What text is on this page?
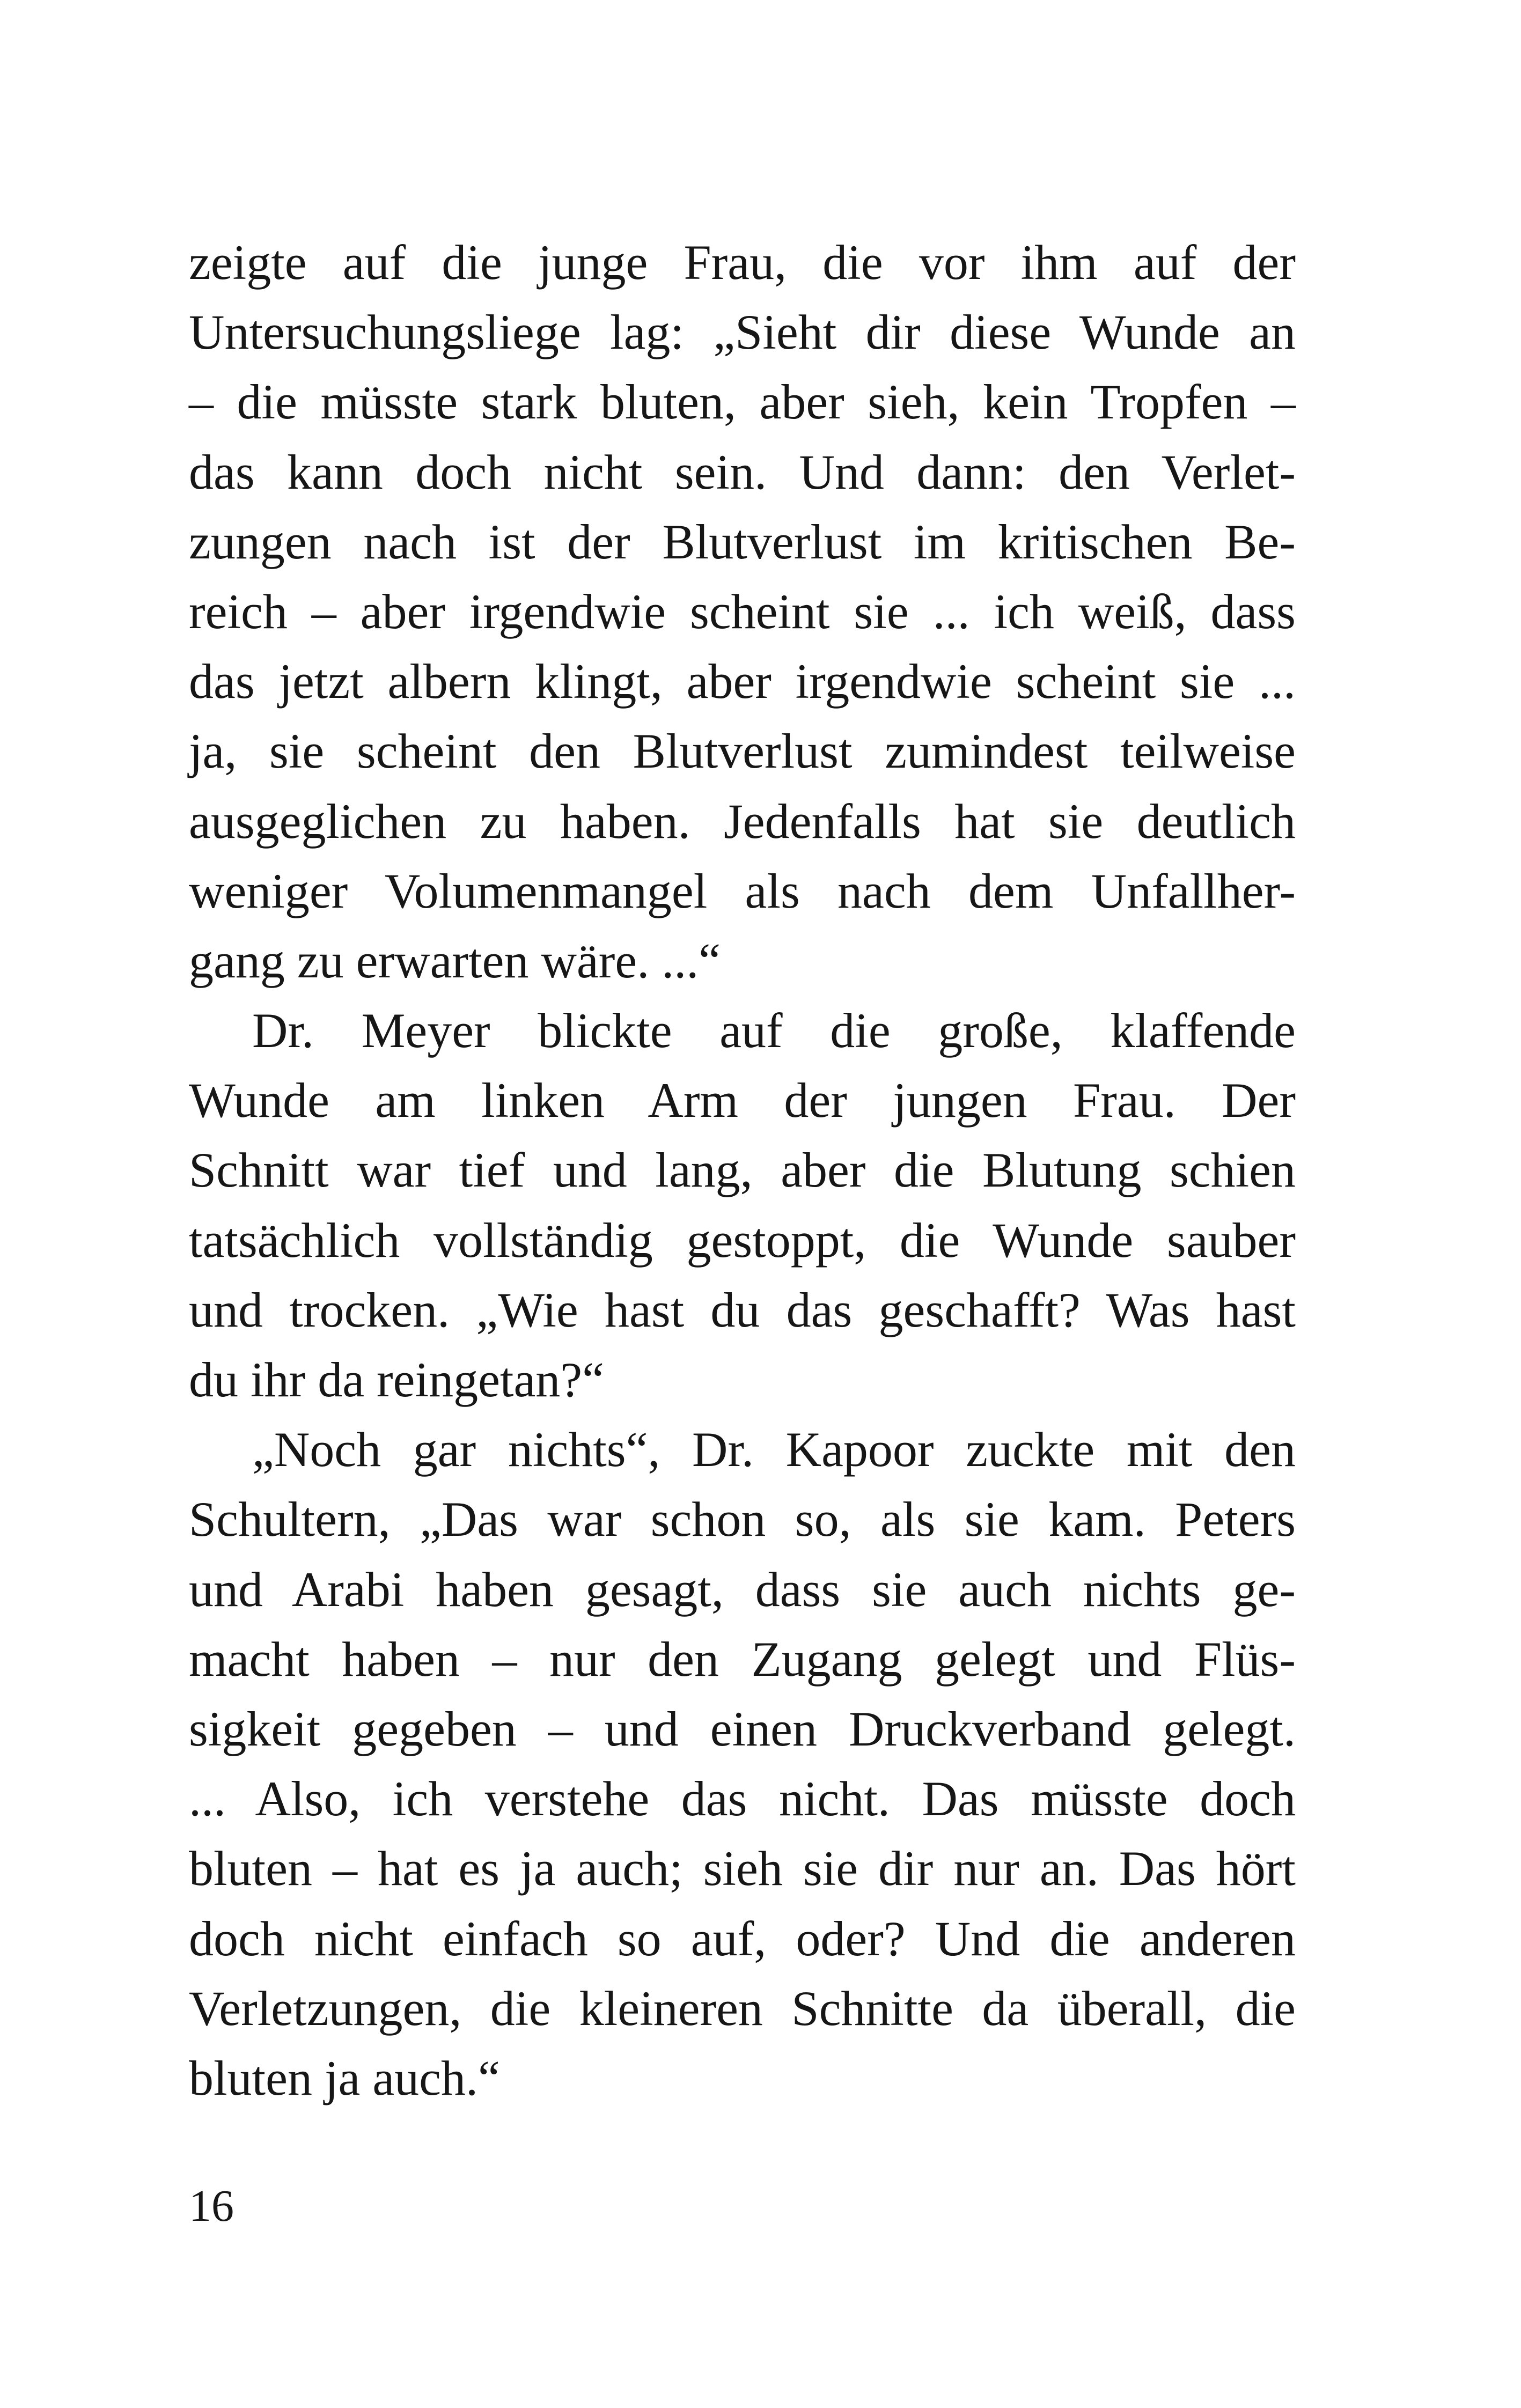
zeigte auf die junge Frau, die vor ihm auf der
Untersuchungsliege lag: „Sieht dir diese Wunde an
– die müsste stark bluten, aber sieh, kein Tropfen –
das kann doch nicht sein. Und dann: den Verlet-
zungen nach ist der Blutverlust im kritischen Be-
reich – aber irgendwie scheint sie ... ich weiß, dass
das jetzt albern klingt, aber irgendwie scheint sie ...
ja, sie scheint den Blutverlust zumindest teilweise
ausgeglichen zu haben. Jedenfalls hat sie deutlich
weniger Volumenmangel als nach dem Unfallher-
gang zu erwarten wäre. ...“
Dr. Meyer blickte auf die große, klaffende
Wunde am linken Arm der jungen Frau. Der
Schnitt war tief und lang, aber die Blutung schien
tatsächlich vollständig gestoppt, die Wunde sauber
und trocken. „Wie hast du das geschafft? Was hast
du ihr da reingetan?“
„Noch gar nichts“, Dr. Kapoor zuckte mit den
Schultern, „Das war schon so, als sie kam. Peters
und Arabi haben gesagt, dass sie auch nichts ge-
macht haben – nur den Zugang gelegt und Flüs-
sigkeit gegeben – und einen Druckverband gelegt.
... Also, ich verstehe das nicht. Das müsste doch
bluten – hat es ja auch; sieh sie dir nur an. Das hört
doch nicht einfach so auf, oder? Und die anderen
Verletzungen, die kleineren Schnitte da überall, die
bluten ja auch.“
16
